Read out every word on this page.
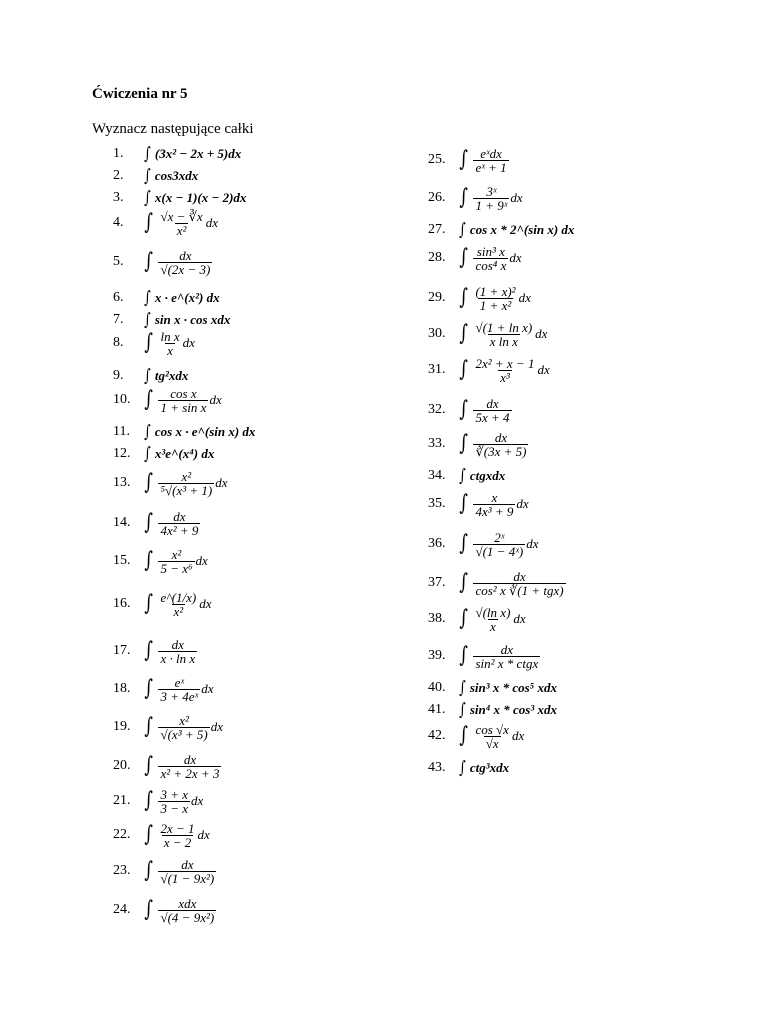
Ćwiczenia nr 5
Wyznacz następujące całki
1.	∫ (3x² − 2x + 5)dx
2.	∫ cos3xdx
3.	∫ x(x − 1)(x − 2)dx
4. ∫ $\frac{√x - ∛x}{\text{x²}}$ dx
5. ∫ $\frac{dx}{√(2x - 3)}$
6.	∫ x · e^(x²) dx
7.	∫ sin x · cos xdx
8. ∫ $\frac{\text{ln x}}{x}$ dx
9.	∫ tg²xdx
10. ∫ $\frac{\text{cos x}}{\text{1 + sin x}}$ dx
11. ∫ cos x · e^(sin x) dx
12. ∫ x³e^(x⁴) dx
13. ∫ $\frac{\text{x²}}{\text{⁵√(x³ + 1)}}$ dx
14. ∫ $\frac{dx}{\text{4x² + 9}}$
15. ∫ $\frac{\text{x²}}{\text{5 − x⁶}}$ dx
16. ∫ $\frac{e\^{}(1/x)}{\text{x²}}$ dx
17. ∫ $\frac{dx}{\text{x · ln x}}$
18. ∫ $\frac{\text{eˣ}}{\text{3 + 4eˣ}}$ dx
19. ∫ $\frac{\text{x²}}{\text{√(x³ + 5)}}$ dx
20. ∫ $\frac{dx}{\text{x² + 2x + 3}}$
21. ∫ $\frac{3 + x}{3 - x}$ dx
22. ∫ $\frac{2x - 1}{x - 2}$ dx
23. ∫ $\frac{dx}{\text{√(1 − 9x²)}}$
24. ∫ $\frac{\text{xdx}}{\text{√(4 − 9x²)}}$
25. ∫ $\frac{\text{eˣdx}}{\text{eˣ + 1}}$
26. ∫ $\frac{\text{3ˣ}}{\text{1 + 9ˣ}}$ dx
27. ∫ cos x * 2^(sin x) dx
28. ∫ $\frac{\text{sin³ x}}{\text{cos⁴ x}}$ dx
29. ∫ $\frac{\text{(1 + x)²}}{\text{1 + x²}}$ dx
30. ∫ $\frac{\text{√(1 + ln x)}}{\text{x ln x}}$ dx
31. ∫ $\frac{\text{2x² + x − 1}}{\text{x³}}$ dx
32. ∫ $\frac{dx}{5x + 4}$
33. ∫ $\frac{dx}{∛(3x + 5)}$
34. ∫ ctgxdx
35. ∫ $\frac{x}{\text{4x³ + 9}}$ dx
36. ∫ $\frac{\text{2ˣ}}{\text{√(1 − 4ˣ)}}$ dx
37. ∫ $\frac{dx}{\text{cos² x ∛(1 + tgx)}}$
38. ∫ $\frac{\text{√(ln x)}}{x}$ dx
39. ∫ $\frac{dx}{\text{sin² x * ctgx}}$
40. ∫ sin³ x * cos⁵ xdx
41. ∫ sin⁴ x * cos³ xdx
42. ∫ $\frac{\cos √x}{√x}$ dx
43. ∫ ctg³xdx
